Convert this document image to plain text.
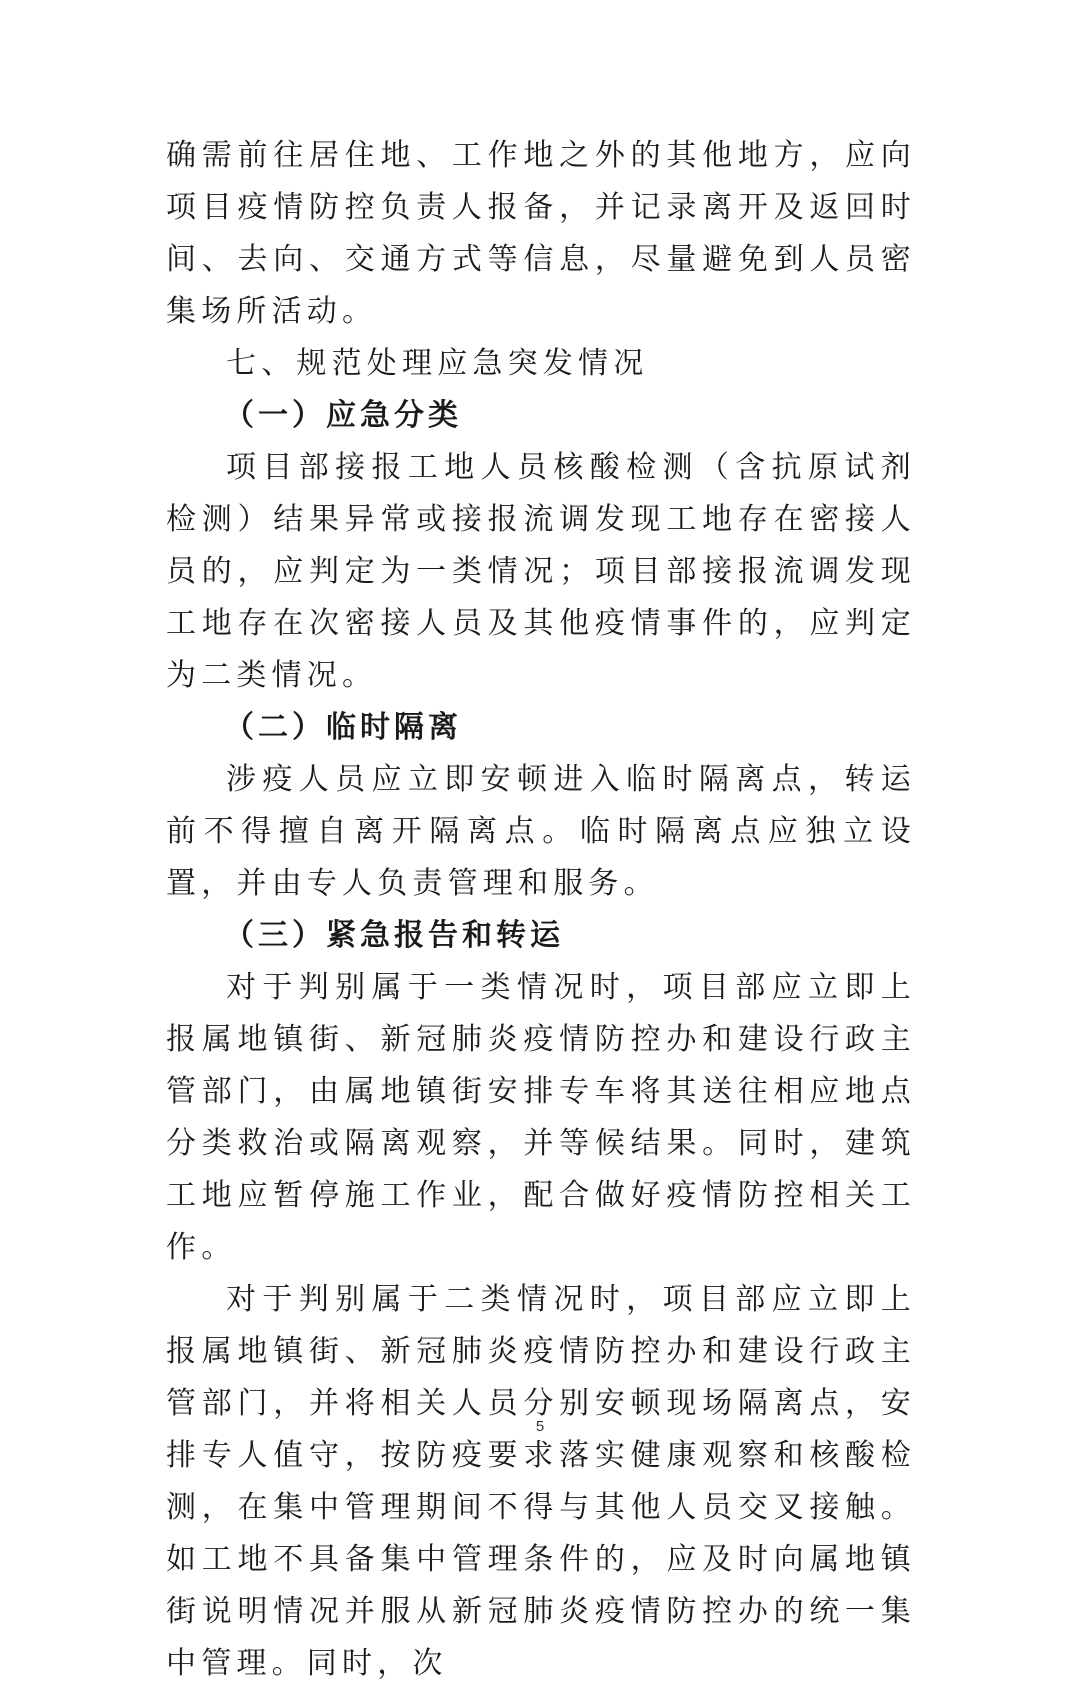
确需前往居住地、工作地之外的其他地方，应向项目疫情防控负责人报备，并记录离开及返回时间、去向、交通方式等信息，尽量避免到人员密集场所活动。

七、规范处理应急突发情况

（一）应急分类

项目部接报工地人员核酸检测（含抗原试剂检测）结果异常或接报流调发现工地存在密接人员的，应判定为一类情况；项目部接报流调发现工地存在次密接人员及其他疫情事件的，应判定为二类情况。

（二）临时隔离

涉疫人员应立即安顿进入临时隔离点，转运前不得擅自离开隔离点。临时隔离点应独立设置，并由专人负责管理和服务。

（三）紧急报告和转运

对于判别属于一类情况时，项目部应立即上报属地镇街、新冠肺炎疫情防控办和建设行政主管部门，由属地镇街安排专车将其送往相应地点分类救治或隔离观察，并等候结果。同时，建筑工地应暂停施工作业，配合做好疫情防控相关工作。

对于判别属于二类情况时，项目部应立即上报属地镇街、新冠肺炎疫情防控办和建设行政主管部门，并将相关人员分别安顿现场隔离点，安排专人值守，按防疫要求落实健康观察和核酸检测，在集中管理期间不得与其他人员交叉接触。如工地不具备集中管理条件的，应及时向属地镇街说明情况并服从新冠肺炎疫情防控办的统一集中管理。同时，次

5
